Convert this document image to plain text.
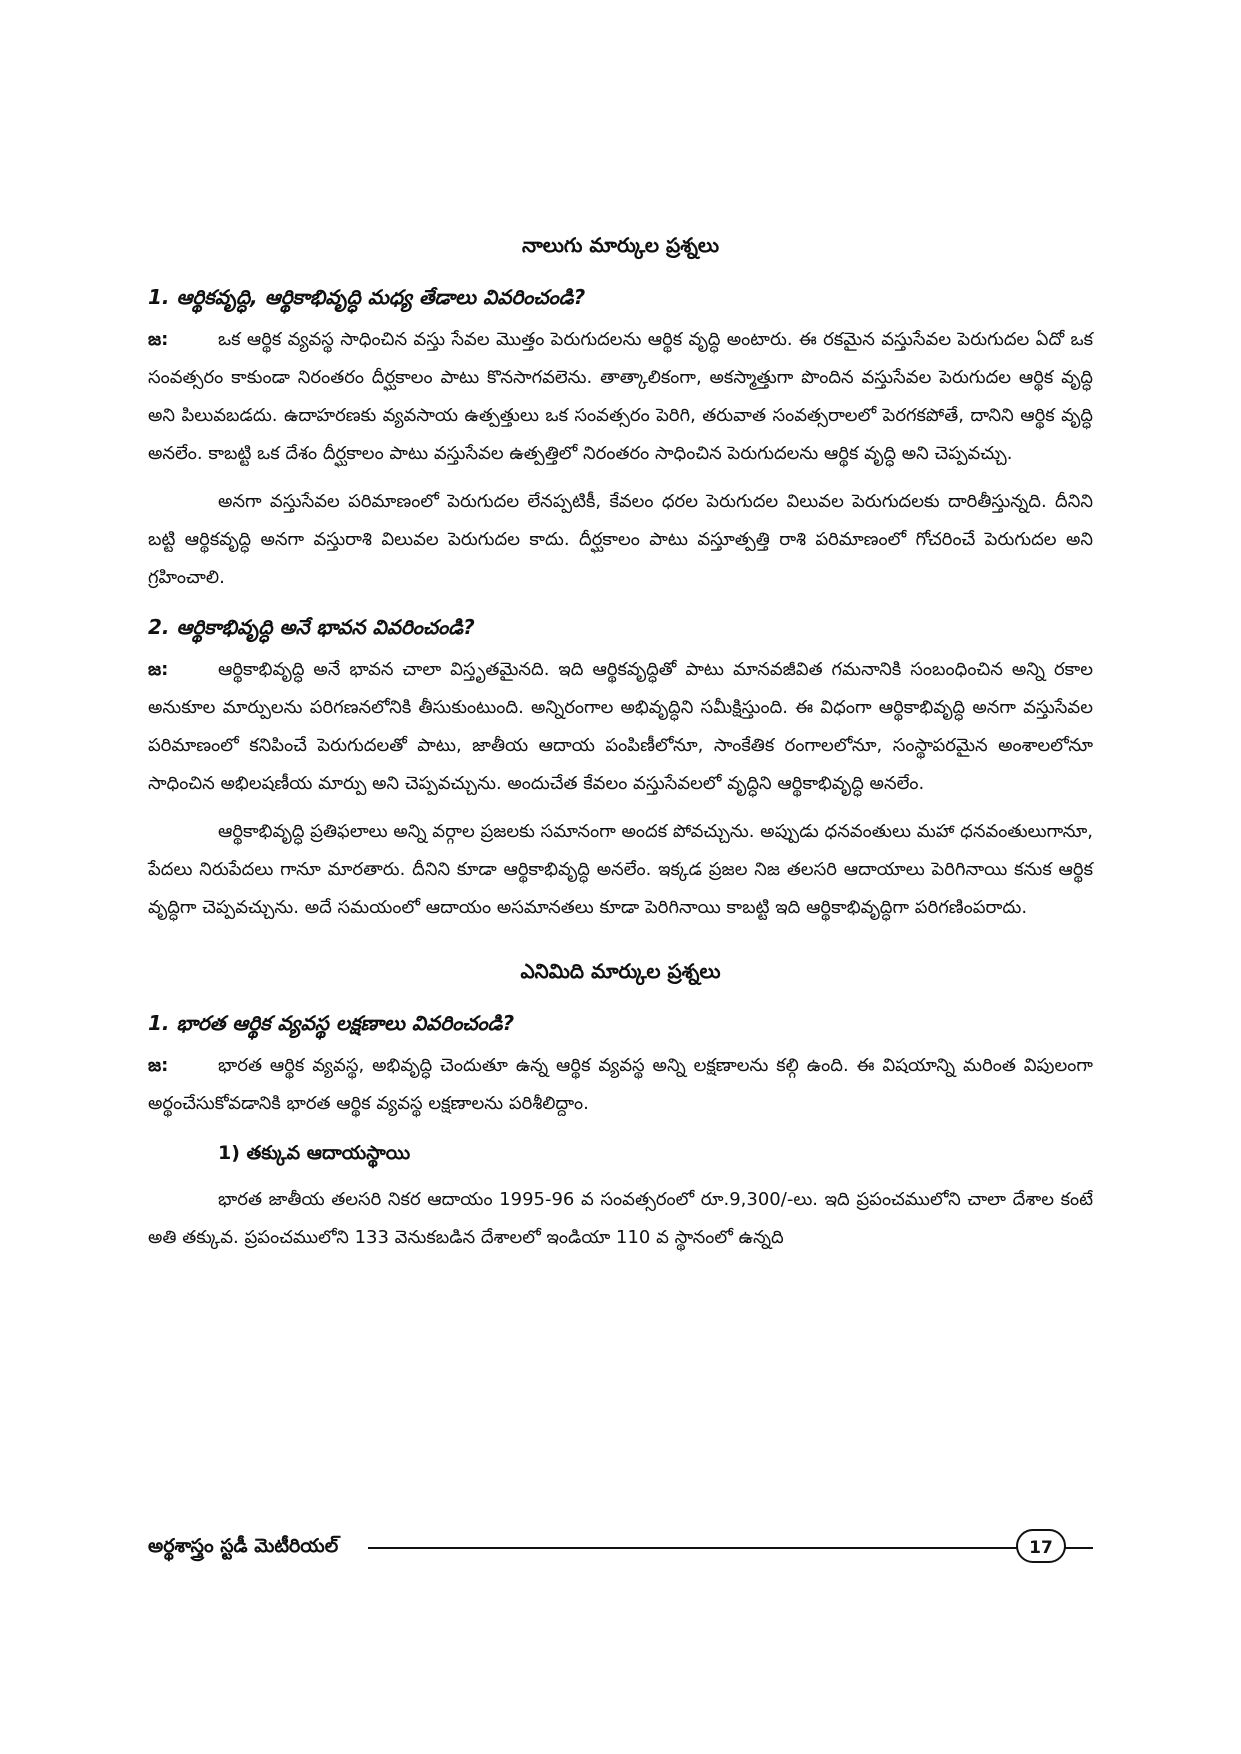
నాలుగు మార్కుల ప్రశ్నలు
1. ఆర్థికవృద్ధి, ఆర్థికాభివృద్ధి మధ్య తేడాలు వివరించండి?
జ:	ఒక ఆర్థిక వ్యవస్థ సాధించిన వస్తు సేవల మొత్తం పెరుగుదలను ఆర్థిక వృద్ధి అంటారు. ఈ రకమైన వస్తుసేవల పెరుగుదల ఏదో ఒక సంవత్సరం కాకుండా నిరంతరం దీర్ఘకాలం పాటు కొనసాగవలెను. తాత్కాలికంగా, అకస్మాత్తుగా పొందిన వస్తుసేవల పెరుగుదల ఆర్థిక వృద్ధి అని పిలువబడదు. ఉదాహరణకు వ్యవసాయ ఉత్పత్తులు ఒక సంవత్సరం పెరిగి, తరువాత సంవత్సరాలలో పెరగకపోతే, దానిని ఆర్థిక వృద్ధి అనలేం. కాబట్టి ఒక దేశం దీర్ఘకాలం పాటు వస్తుసేవల ఉత్పత్తిలో నిరంతరం సాధించిన పెరుగుదలను ఆర్థిక వృద్ధి అని చెప్పవచ్చు.
అనగా వస్తుసేవల పరిమాణంలో పెరుగుదల లేనప్పటికీ, కేవలం ధరల పెరుగుదల విలువల పెరుగుదలకు దారితీస్తున్నది. దీనిని బట్టి ఆర్థికవృద్ధి అనగా వస్తురాశి విలువల పెరుగుదల కాదు. దీర్ఘకాలం పాటు వస్తూత్పత్తి రాశి పరిమాణంలో గోచరించే పెరుగుదల అని గ్రహించాలి.
2. ఆర్థికాభివృద్ధి అనే భావన వివరించండి?
జ:	ఆర్థికాభివృద్ధి అనే భావన చాలా విస్తృతమైనది. ఇది ఆర్థికవృద్ధితో పాటు మానవజీవిత గమనానికి సంబంధించిన అన్ని రకాల అనుకూల మార్పులను పరిగణనలోనికి తీసుకుంటుంది. అన్నిరంగాల అభివృద్ధిని సమీక్షిస్తుంది. ఈ విధంగా ఆర్థికాభివృద్ధి అనగా వస్తుసేవల పరిమాణంలో కనిపించే పెరుగుదలతో పాటు, జాతీయ ఆదాయ పంపిణీలోనూ, సాంకేతిక రంగాలలోనూ, సంస్థాపరమైన అంశాలలోనూ సాధించిన అభిలషణీయ మార్పు అని చెప్పవచ్చును. అందుచేత కేవలం వస్తుసేవలలో వృద్ధిని ఆర్థికాభివృద్ధి అనలేం.
ఆర్థికాభివృద్ధి ప్రతిఫలాలు అన్ని వర్గాల ప్రజలకు సమానంగా అందక పోవచ్చును. అప్పుడు ధనవంతులు మహా ధనవంతులుగానూ, పేదలు నిరుపేదలు గానూ మారతారు. దీనిని కూడా ఆర్థికాభివృద్ధి అనలేం. ఇక్కడ ప్రజల నిజ తలసరి ఆదాయాలు పెరిగినాయి కనుక ఆర్థిక వృద్ధిగా చెప్పవచ్చును. అదే సమయంలో ఆదాయం అసమానతలు కూడా పెరిగినాయి కాబట్టి ఇది ఆర్థికాభివృద్ధిగా పరిగణింపరాదు.
ఎనిమిది మార్కుల ప్రశ్నలు
1. భారత ఆర్థిక వ్యవస్థ లక్షణాలు వివరించండి?
జ:	భారత ఆర్థిక వ్యవస్థ, అభివృద్ధి చెందుతూ ఉన్న ఆర్థిక వ్యవస్థ అన్ని లక్షణాలను కల్గి ఉంది. ఈ విషయాన్ని మరింత విపులంగా అర్థంచేసుకోవడానికి భారత ఆర్థిక వ్యవస్థ లక్షణాలను పరిశీలిద్దాం.
1) తక్కువ ఆదాయస్థాయి
భారత జాతీయ తలసరి నికర ఆదాయం 1995-96 వ సంవత్సరంలో రూ.9,300/-లు. ఇది ప్రపంచములోని చాలా దేశాల కంటే అతి తక్కువ. ప్రపంచములోని 133 వెనుకబడిన దేశాలలో ఇండియా 110 వ స్థానంలో ఉన్నది
అర్థశాస్త్రం స్టడీ మెటీరియల్	17
